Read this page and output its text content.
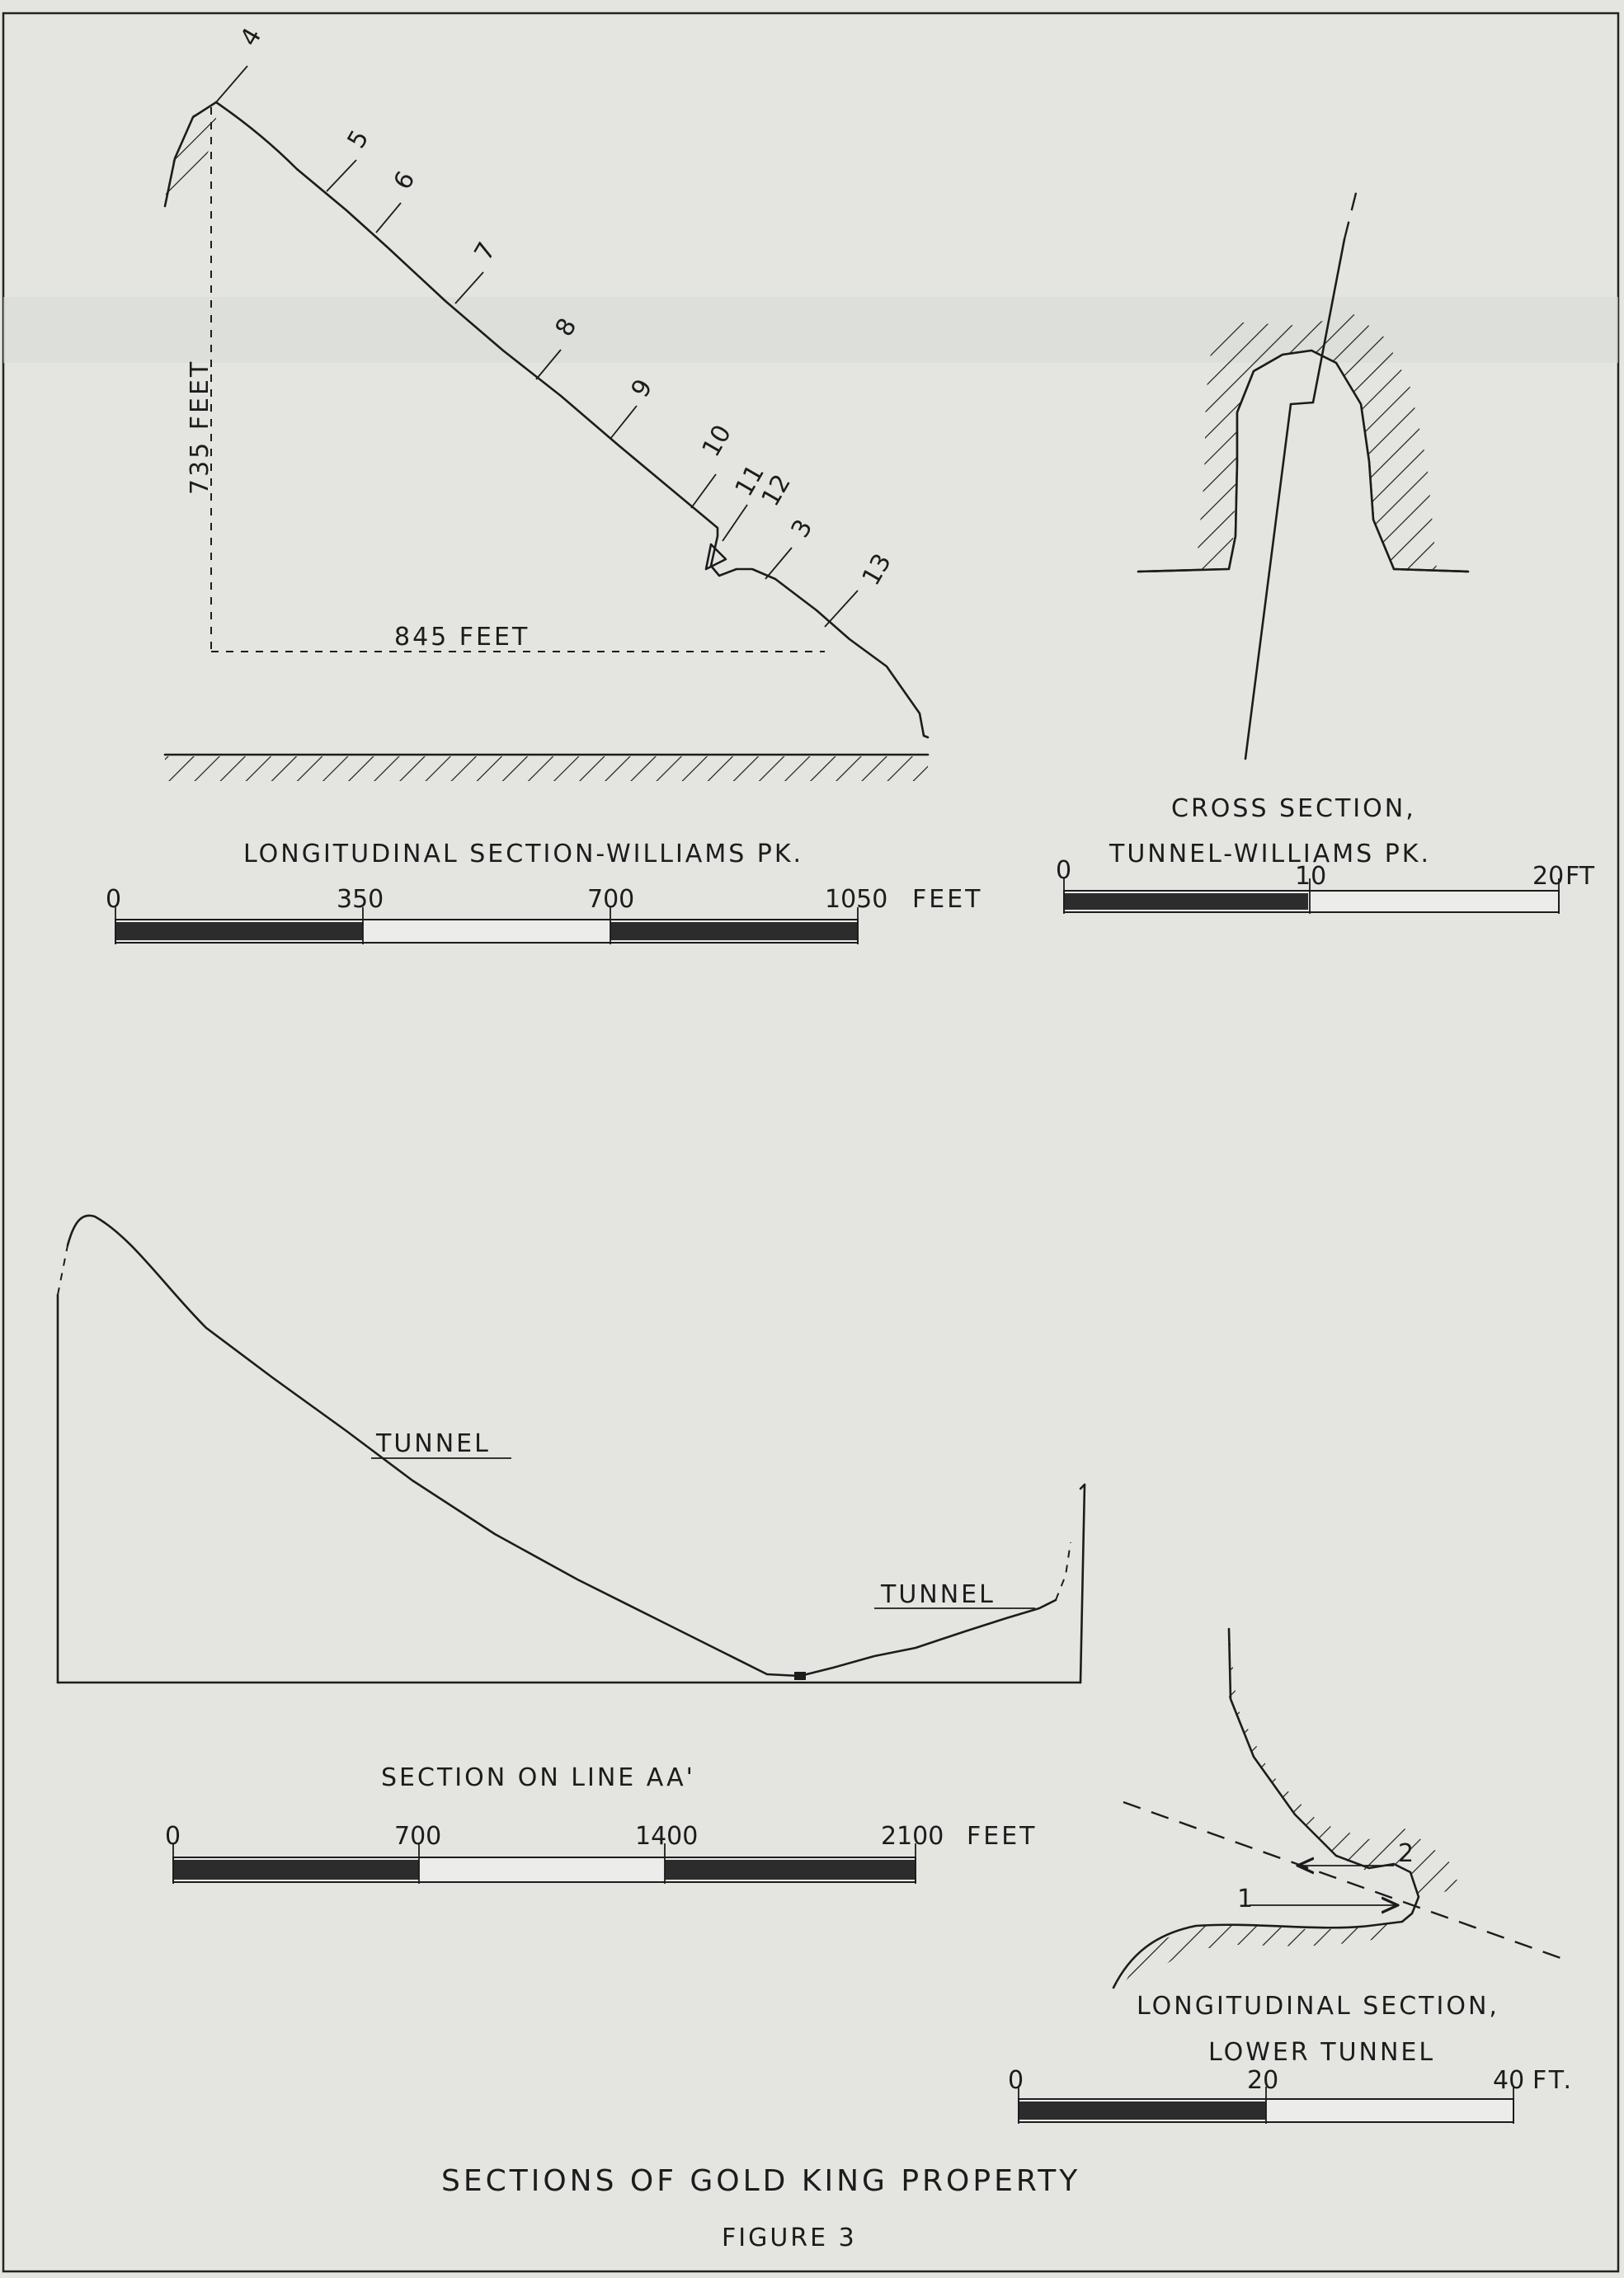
4
5
6
7
8
9
10
11
12
3
13
735 FEET
845 FEET
LONGITUDINAL SECTION-WILLIAMS PK.
0	350	700	1050 FEET
CROSS SECTION,
TUNNEL-WILLIAMS PK.
0	10	20 FT
TUNNEL
TUNNEL
SECTION ON LINE AA'
0	700	1400	2100 FEET
1
2
LONGITUDINAL SECTION,
LOWER TUNNEL
0	20	40 FT.
SECTIONS OF GOLD KING PROPERTY
FIGURE 3
